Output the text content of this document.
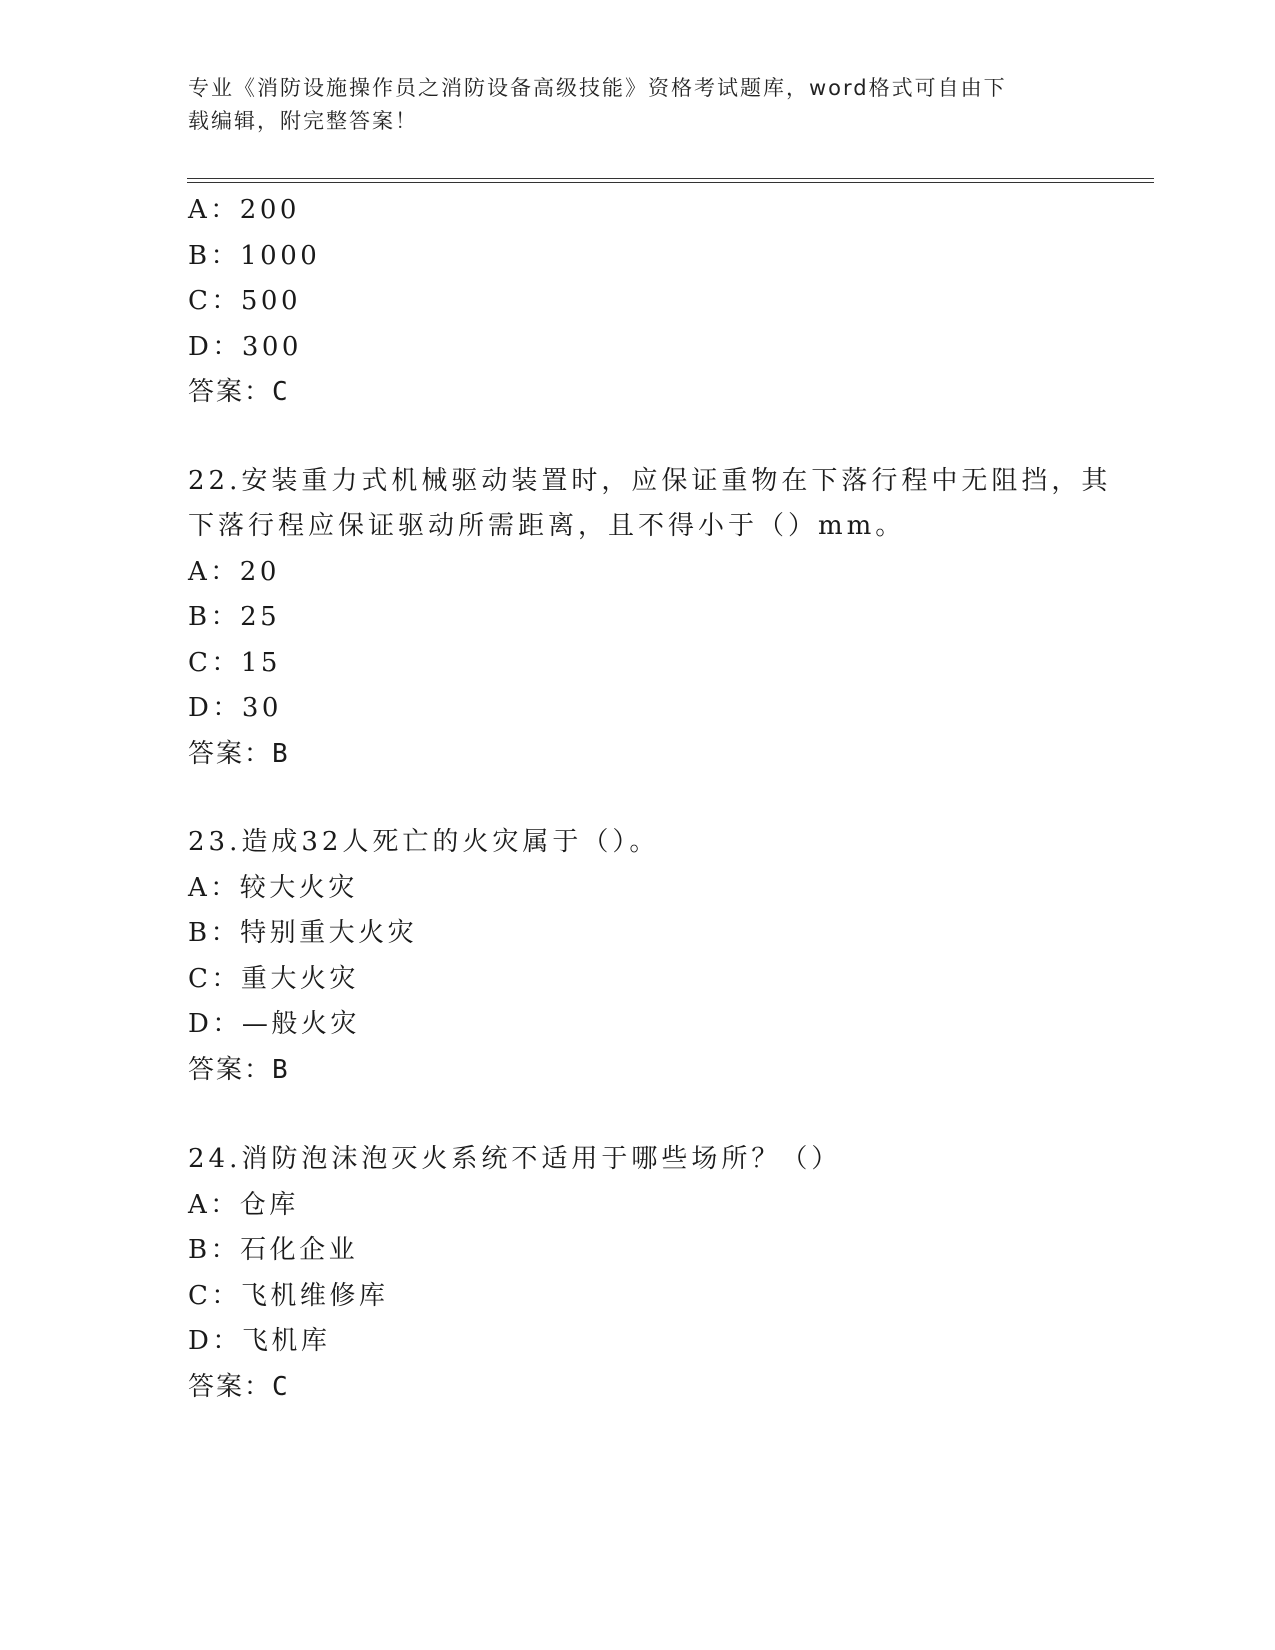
专业《消防设施操作员之消防设备高级技能》资格考试题库，word格式可自由下
载编辑，附完整答案！
A：200
B：1000
C：500
D：300
答案：C
22.安装重力式机械驱动装置时，应保证重物在下落行程中无阻挡，其
下落行程应保证驱动所需距离，且不得小于（）mm。
A：20
B：25
C：15
D：30
答案：B
23.造成32人死亡的火灾属于（）。
A：较大火灾
B：特别重大火灾
C：重大火灾
D：—般火灾
答案：B
24.消防泡沫泡灭火系统不适用于哪些场所？（）
A：仓库
B：石化企业
C：飞机维修库
D：飞机库
答案：C
